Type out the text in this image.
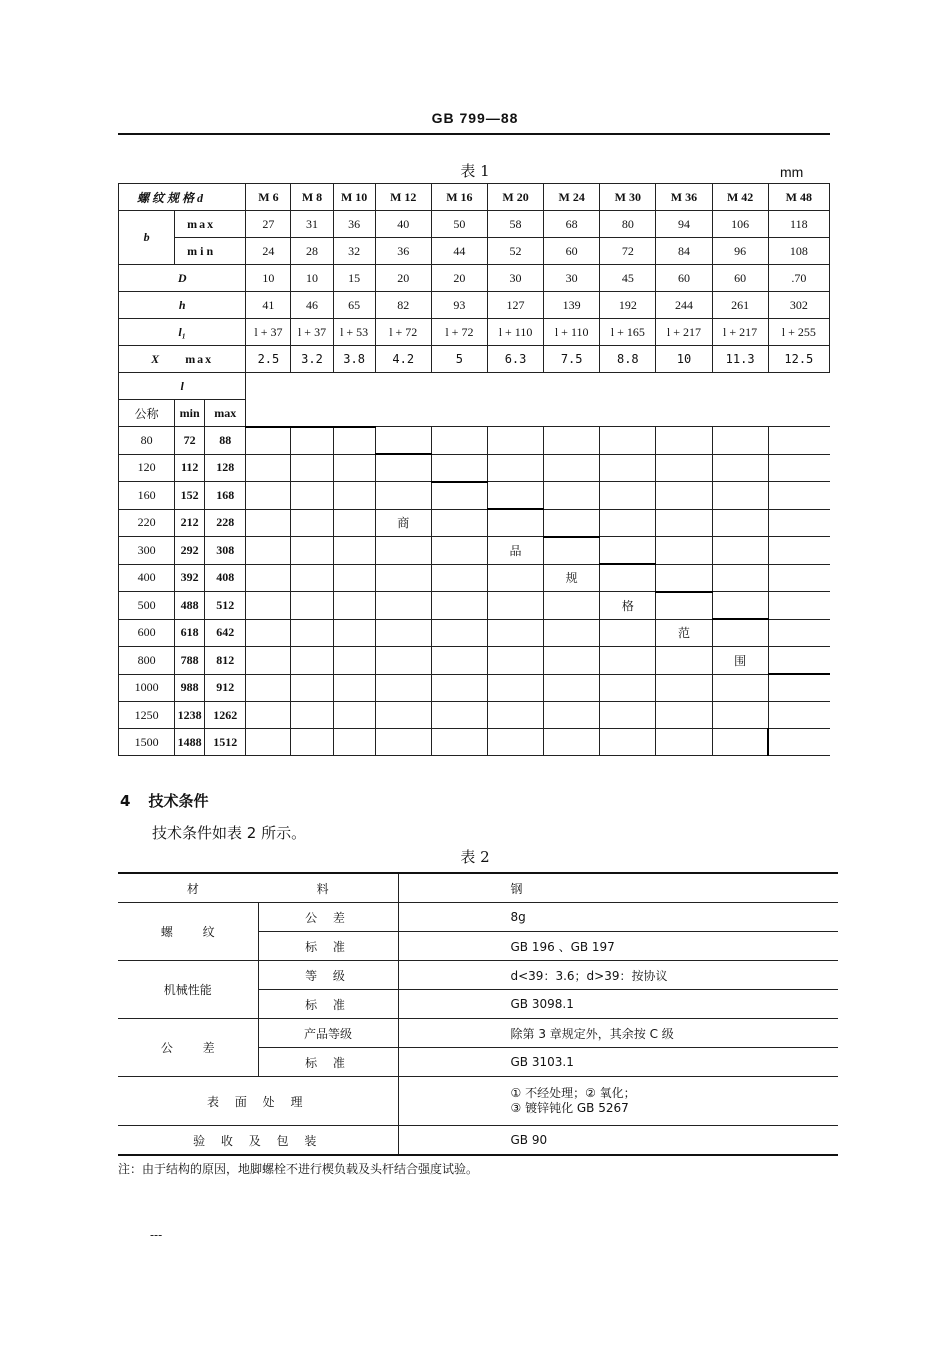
GB 799—88
表 1	mm
螺 纹 规 格 d			M 6	M 8	M 10	M 12	M 16	M 20	M 24	M 30	M 36	M 42	M 48
b	max		27	31	36	40	50	58	68	80	94	106	118
	min		24	28	32	36	44	52	60	72	84	96	108
D			10	10	15	20	20	30	30	45	60	60	.70
h			41	46	65	82	93	127	139	192	244	261	302
l₁			l + 37	l + 37	l + 53	l + 72	l + 72	l + 110	l + 110	l + 165	l + 217	l + 217	l + 255
X max			2.5	3.2	3.8	4.2	5	6.3	7.5	8.8	10	11.3	12.5
l													
公称	min	max											
80	72	88											
120	112	128											
160	152	168											
220	212	228				商							
300	292	308						品					
400	392	408							规				
500	488	512								格			
600	618	642									范		
800	788	812										围	
1000	988	912											
1250	1238	1262											
1500	1488	1512											
4 技术条件
技术条件如表 2 所示。
表 2
材 料		钢
螺 纹	公 差	8g
	标 准	GB 196 、GB 197
机械性能	等 级	d<39：3.6；d>39：按协议
	标 准	GB 3098.1
公 差	产品等级	除第 3 章规定外，其余按 C 级
	标 准	GB 3103.1
表 面 处 理		① 不经处理；② 氧化；
③ 镀锌钝化 GB 5267

验 收 及 包 装		GB 90
注：由于结构的原因，地脚螺栓不进行楔负载及头杆结合强度试验。
---
